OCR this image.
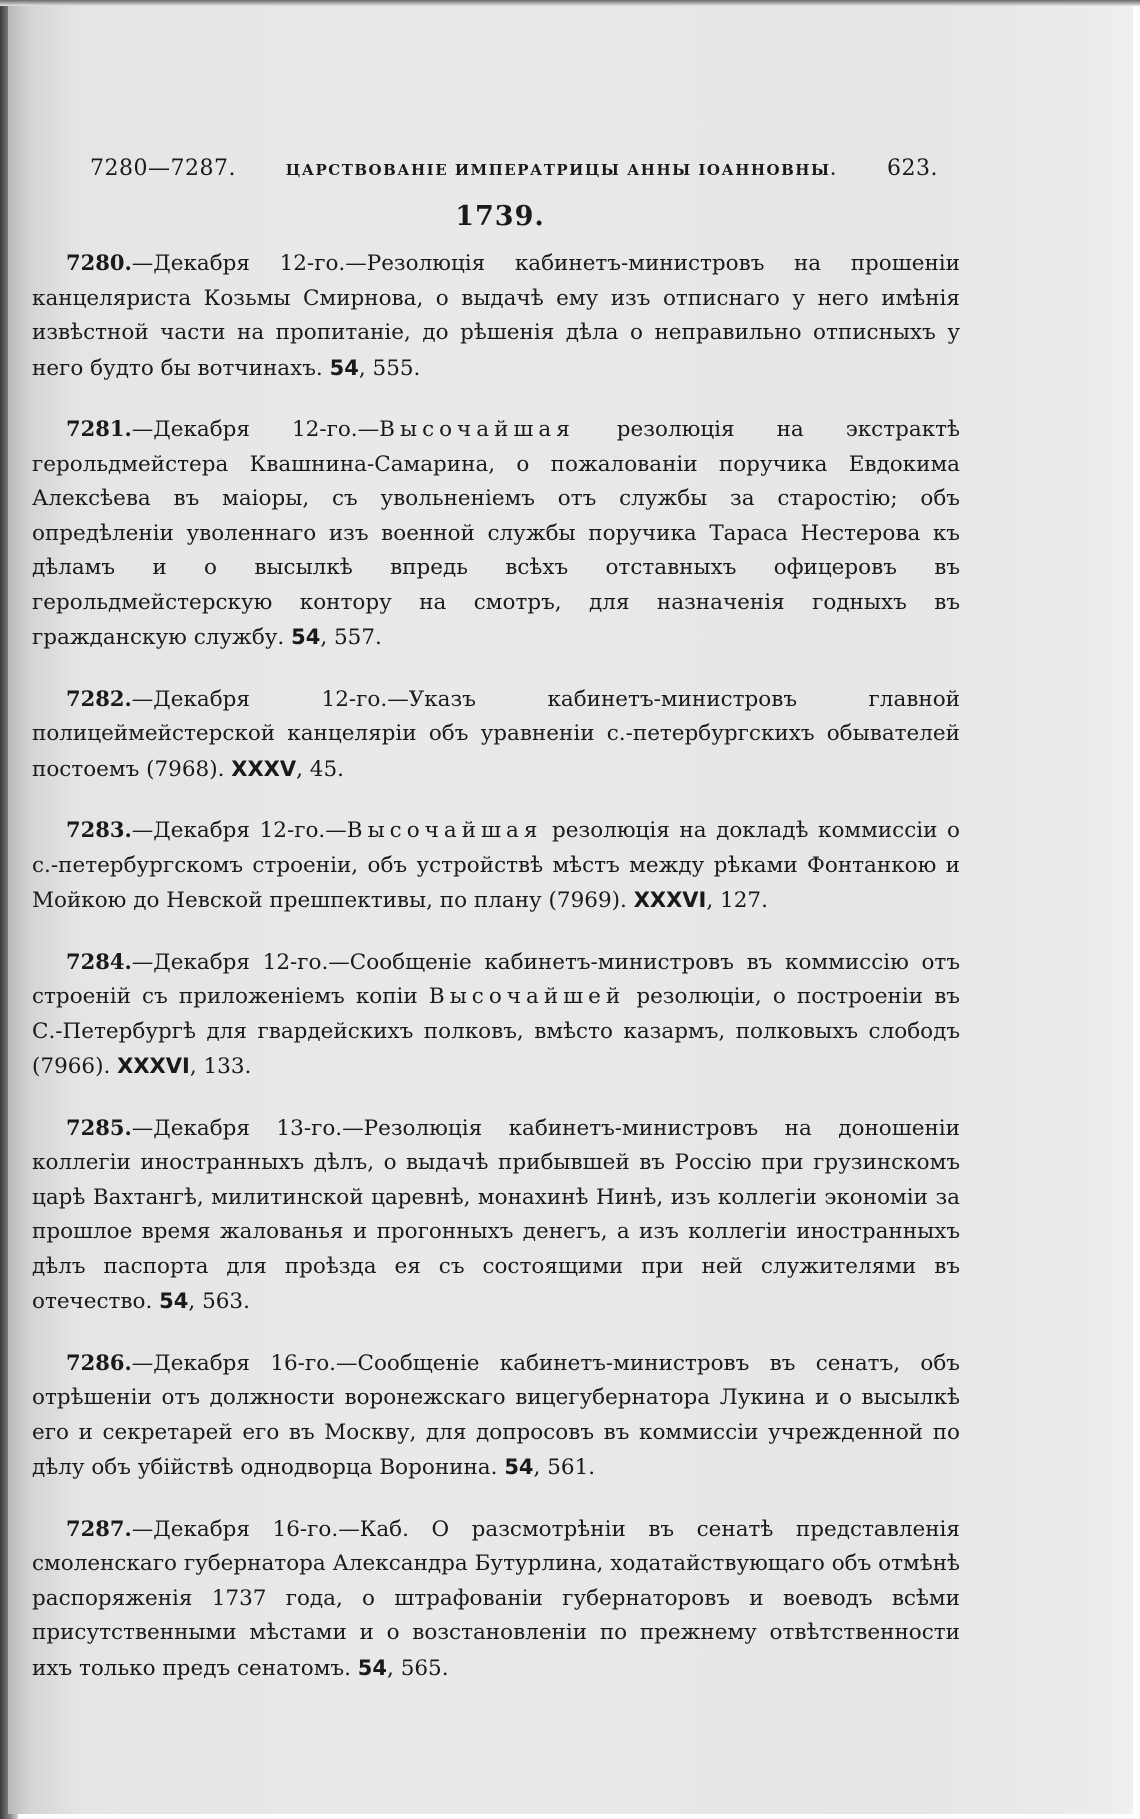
7280—7287.	ЦАРСТВОВАНІЕ ИМПЕРАТРИЦЫ АННЫ ІОАННОВНЫ. 623.
1739.

7280.—Декабря 12-го.—Резолюція кабинетъ-министровъ на прошеніи канцеляриста Козьмы Смирнова, о выдачѣ ему изъ отписнаго у него имѣнія извѣстной части на пропитаніе, до рѣшенія дѣла о неправильно отписныхъ у него будто бы вотчинахъ. 54, 555.

7281.—Декабря 12-го.—Высочайшая резолюція на экстрактѣ герольдмейстера Квашнина-Самарина, о пожалованіи поручика Евдокима Алексѣева въ маіоры, съ увольненіемъ отъ службы за старостію; объ опредѣленіи уволеннаго изъ военной службы поручика Тараса Нестерова къ дѣламъ и о высылкѣ впредь всѣхъ отставныхъ офицеровъ въ герольдмейстерскую контору на смотръ, для назначенія годныхъ въ гражданскую службу. 54, 557.

7282.—Декабря 12-го.—Указъ кабинетъ-министровъ главной полицеймейстерской канцеляріи объ уравненіи с.-петербургскихъ обывателей постоемъ (7968). XXXV, 45.

7283.—Декабря 12-го.—Высочайшая резолюція на докладѣ коммиссіи о с.-петербургскомъ строеніи, объ устройствѣ мѣстъ между рѣками Фонтанкою и Мойкою до Невской прешпективы, по плану (7969). XXXVI, 127.

7284.—Декабря 12-го.—Сообщеніе кабинетъ-министровъ въ коммиссію отъ строеній съ приложеніемъ копіи Высочайшей резолюціи, о построеніи въ С.-Петербургѣ для гвардейскихъ полковъ, вмѣсто казармъ, полковыхъ слободъ (7966). XXXVI, 133.

7285.—Декабря 13-го.—Резолюція кабинетъ-министровъ на доношеніи коллегіи иностранныхъ дѣлъ, о выдачѣ прибывшей въ Россію при грузинскомъ царѣ Вахтангѣ, милитинской царевнѣ, монахинѣ Нинѣ, изъ коллегіи экономіи за прошлое время жалованья и прогонныхъ денегъ, а изъ коллегіи иностранныхъ дѣлъ паспорта для проѣзда ея съ состоящими при ней служителями въ отечество. 54, 563.

7286.—Декабря 16-го.—Сообщеніе кабинетъ-министровъ въ сенатъ, объ отрѣшеніи отъ должности воронежскаго вицегубернатора Лукина и о высылкѣ его и секретарей его въ Москву, для допросовъ въ коммиссіи учрежденной по дѣлу объ убійствѣ однодворца Воронина. 54, 561.

7287.—Декабря 16-го.—Каб. О разсмотрѣніи въ сенатѣ представленія смоленскаго губернатора Александра Бутурлина, ходатайствующаго объ отмѣнѣ распоряженія 1737 года, о штрафованіи губернаторовъ и воеводъ всѣми присутственными мѣстами и о возстановленіи по прежнему отвѣтственности ихъ только предъ сенатомъ. 54, 565.
